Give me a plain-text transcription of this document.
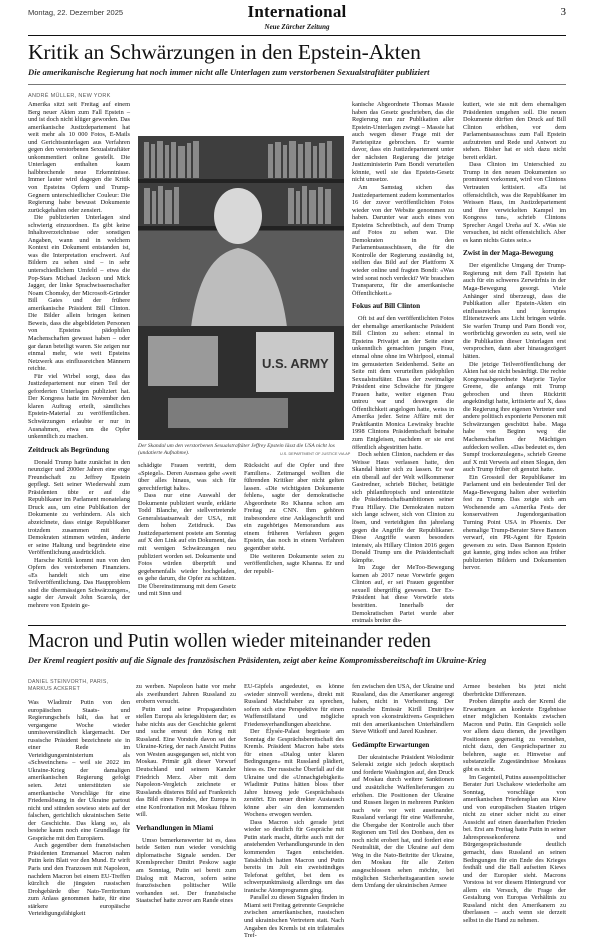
Montag, 22. Dezember 2025	International
Neue Zürcher Zeitung
3
Kritik an Schwärzungen in den Epstein-Akten
Die amerikanische Regierung hat noch immer nicht alle Unterlagen zum verstorbenen Sexualstraftäter publiziert
ANDRÉ MÜLLER, NEW YORK

Amerika sitzt seit Freitag auf einem Berg neuer Akten zum Fall Epstein – und ist doch nicht klüger geworden. Das amerikanische Justizdepartement hat weit mehr als 10 000 Fotos, E-Mails und Gerichtsunterlagen aus Verfahren gegen den verstorbenen Sexualstraftäter unkommentiert online gestellt. Die Unterlagen enthalten kaum halbbrechende neue Erkenntnisse. Immer lauter wird dagegen die Kritik von Epsteins Opfern und Trump-Gegnern unterschiedlicher Couleur: Die Regierung habe bewusst Dokumente zurückgehalten oder zensiert.

Die publizierten Unterlagen sind schwierig einzuordnen. Es gibt keine Inhaltsverzeichnisse oder sonstigen Angaben, wann und in welchem Kontext ein Dokument entstanden ist, was die Interpretation erschwert. Auf Bildern zu sehen sind – in sehr unterschiedlichem Umfeld – etwa die Pop-Stars Michael Jackson und Mick Jagger, der linke Sprachwissenschafter Noam Chomsky, der Microsoft-Gründer Bill Gates und der frühere amerikanische Präsident Bill Clinton. Die Bilder allein bringen keinen Beweis, dass die abgebildeten Personen von Epsteins pädophilen Machenschaften gewusst haben – oder gar daran beteiligt waren. Sie zeigen nur einmal mehr, wie weit Epsteins Netzwerk aus einflussreichen Männern reichte.

Für viel Wirbel sorgt, dass das Justizdepartement nur einen Teil der geforderten Unterlagen publiziert hat. Der Kongress hatte im November den klaren Auftrag erteilt, sämtliches Epstein-Material zu veröffentlichen. Schwärzungen erlaubte er nur in Ausnahmen, etwa um die Opfer unkenntlich zu machen.

Zeitdruck als Begründung

Donald Trump hatte zunächst in den neunziger und 2000er Jahren eine enge Freundschaft zu Jeffrey Epstein gepflegt. Seit seiner Wiederwahl zum Präsidenten übte er auf die Republikaner im Parlament monatelang Druck aus, um eine Publikation der Dokumente zu verhindern. Als sich abzeichnete, dass einige Republikaner trotzdem zusammen mit den Demokraten stimmen würden, änderte er seine Haltung und begründete eine Veröffentlichung ausdrücklich.

Harsche Kritik kommt nun von den Opfern des verstorbenen Finanziers. «Es handelt sich um eine Teilveröffentlichung. Das Haupproblem sind die übermässigen Schwärzungen», sagte der Anwalt John Scarola, der mehrere von Epstein ge-

U.S. ARMY
Der Skandal um den verstorbenen Sexualstraftäter Jeffrey Epstein lässt die USA nicht los (undatierte Aufnahme).	U.S. DEPARTMENT OF JUSTICE VIA AP

schädigte Frauen vertritt, dem «Spiegel». Deren Ausmass gehe «weit über alles hinaus, was sich für gerechtfertigt halte».

Dass nur eine Auswahl der Dokumente publiziert wurde, erklärte Todd Blanche, der stellvertretende Generalstaatsanwalt der USA, mit dem hohen Zeitdruck. Das Justizdepartement postete am Sonntag auf X den Link auf ein Dokument, das mit wenigen Schwärzungen neu publiziert worden sei. Dokumente und Fotos würden überprüft und gegebenenfalls wieder hochgeladen, es gehe darum, die Opfer zu schützen. Die Übereinstimmung mit dem Gesetz und mit Sinn und

Rücksicht auf die Opfer und ihre Familien». Zeitmangel wollten die führenden Kritiker aber nicht gelten lassen. «Die wichtigsten Dokumente fehlen», sagte der demokratische Abgeordnete Ro Khanna schon am Freitag zu CNN. Ihm gehören insbesondere eine Anklageschrift und ein zugehöriges Memorandum aus einem früheren Verfahren gegen Epstein, das noch in einem Verfahren gegenüber steht.

Die weiteren Dokumente seien zu veröffentlichen, sagte Khanna. Er und der republi-

kanische Abgeordnete Thomas Massie haben das Gesetz geschrieben, das die Regierung nun zur Publikation aller Epstein-Unterlagen zwingt – Massie hat auch wegen dieser Frage mit der Parteispitze gebrochen. Er warnte davor, dass ein Justizdepartement unter der nächsten Regierung die jetzige Justizministerin Pam Bondi verurteilen könnte, weil sie das Epstein-Gesetz nicht umsetze.

Am Samstag sichen das Justizdepartement zudem kommentarlos 16 der zuvor veröffentlichten Fotos wieder von der Website genommen zu haben. Darunter war auch eines von Epsteins Schreibtisch, auf dem Trump auf Fotos zu sehen war. Die Demokraten in den Parlamentsausschüssen, die für die Kontrolle der Regierung zuständig ist, stellten das Bild auf der Plattform X wieder online und fragten Bondi: «Was wird sonst noch verdeckt? Wir brauchen Transparenz, für die amerikanische Öffentlichkeit.»

Fokus auf Bill Clinton

Oft ist auf den veröffentlichten Fotos der ehemalige amerikanische Präsident Bill Clinton zu sehen: einmal in Epsteins Privatjet an der Seite einer unkenntlich gemachten jungen Frau, einmal ohne ohne im Whirlpool, einmal im gemusterten Seidenhemd. Seite an Seite mit dem verurteilten pädophilen Sexualstraftäter. Dass der zweimalige Präsident eine Schwäche für jüngere Frauen hatte, weiter eigenen Frau untreu war und deswegen die Öffentlichkeit angelogen hatte, weiss in Amerika jeder. Seine Affäre mit der Praktikantin Monica Lewinsky brachte 1998 Clintons Präsidentschaft beinahe zum Entgleisen, nachdem er sie erst öffentlich abgestritten hatte.

Doch sehien Clinton, nachdem er das Weisse Haus verlassen hatte, den Skandal hinter sich zu lassen. Er war ein überall auf der Welt willkommener Gastredner, schrieb Bücher, betätigte sich philanthropisch und unterstützte die Präsidentschaftsambitionen seiner Frau Hillary. Die Demokraten nutzen sich lange schwer, sich von Clinton zu lösen, und verteidigten ihn jahrelang gegen die Angriffe der Republikaner. Diese Angriffe waren besonders intensiv, als Hillary Clinton 2016 gegen Donald Trump um die Präsidentschaft kämpfte.

Im Zuge der MeToo-Bewegung kamen ab 2017 neue Vorwürfe gegen Clinton auf, er sei Frauen gegenüber sexuell übergriffig gewesen. Der Ex-Präsident hat diese Vorwürfe stets bestritten. Innerhalb der Demokratischen Partei wurde aber erstmals breiter dis-

kutiert, wie sie mit dem ehemaligen Präsidenten umgehen soll. Die neuen Dokumente dürften den Druck auf Bill Clinton erhöhen, vor dem Parlamentsausschuss zum Fall Epstein aufzutreten und Rede und Antwort zu stehen. Bisher hat er sich dazu nicht bereit erklärt.

Dass Clinton im Unterschied zu Trump in den neuen Dokumenten so prominent vorkommt, wird von Clintons Vertrauten kritisiert. «Es ist offensichtlich, was die Republikaner im Weissen Haus, im Justizdepartement und ihre verwickelten Kampel im Kongress tun», schrieb Clintons Sprecher Angel Ureña auf X. «Was sie versuchen, ist nicht offensichtlich. Aber es kann nichts Gutes sein.»

Zwist in der Maga-Bewegung

Der eigentliche Umgang der Trump-Regierung mit dem Fall Epstein hat auch für ein schweres Zerwürfnis in der Maga-Bewegung gesorgt. Viele Anhänger sind überzeugt, dass die Publikation aller Epstein-Akten ein einflussreiches und korruptes Elitenetzwerk ans Licht bringen würde. Sie warfen Trump und Pam Bondi vor, wortbrüchig geworden zu sein, weil sie die Publikation dieser Unterlagen erst versprochen, dann aber hinausgezögert hätten.

Die jetzige Teilveröffentlichung der Akten hat sie nicht besänftigt. Die rechte Kongressabgeordnete Marjorie Taylor Greene, die anfangs mit Trump gebrochen und ihren Rücktritt angekündigt hatte, kritisierte auf X, dass die Regierung ihre eigenen Vertreter und andere politisch exponierte Personen mit Schwärzungen geschützt habe. Maga habe von Beginn weg die Machenschaften der Mächtigen aufdecken wollen. «Das bedeutet es, den Sumpf trockenzulegen», schrieb Greene auf X mit Verweis auf einen Slogan, den auch Trump früher oft genutzt hatte.

Ein Grossteil der Republikaner im Parlament und ein bedeutender Teil der Maga-Bewegung halten aber weiterhin fest zu Trump. Das zeigte sich am Wochenende am «Amerika Fest» der konservativen Jugendorganisation Turning Point USA in Phoenix. Der ehemalige Trump-Berater Steve Bannon verwarf, ein PR-Agent für Epstein gewesen zu sein. Dass Bannon Epstein gut kannte, ging indes schon aus früher publizierten Bildern und Dokumenten hervor.

Macron und Putin wollen wieder miteinander reden
Der Kreml reagiert positiv auf die Signale des französischen Präsidenten, zeigt aber keine Kompromissbereitschaft im Ukraine-Krieg
DANIEL STEINVORTH, PARIS,
MARKUS ACKERET

Was Wladimir Putin von den europäischen Staats- und Regierungschefs hält, das hat er vergangene Woche wieder unmissverständlich klargemacht. Der russische Präsident bezeichnete sie in einer Rede im Verteidigungsministerium als «Schweinchen» – weil sie 2022 im Ukraine-Krieg der damaligen amerikanischen Regierung gefolgt seien. Jetzt unterstützten sie amerikanische Vorschläge für eine Friedenslösung in der Ukraine partout nicht und stünden sowieso stets auf der falschen, gerichtlich ukrainischen Seite der Geschichte. Das klang so, als bestehe kaum noch eine Grundlage für Gespräche mit den Europäern.

Auch gegenüber dem französischen Präsidenten Emmanuel Macron nahm Putin kein Blatt vor den Mund. Er wirft Paris und den Franzosen mit Napoleon, nachdem Macron bei einem EU-Treffen kürzlich die jüngsten russischen Drohgebärde über Nato-Territorium zum Anlass genommen hatte, für eine stärkere europäische Verteidigungsfähigkeit

zu werben. Napoleon hatte vor mehr als zweihundert Jahren Russland zu erobern versucht.

Putin und seine Propagandisten stellen Europa als kriegslüstern dar; es habe nichts aus der Geschichte gelernt und suche erneut den Krieg mit Russland. Eine Vorstufe davon sei der Ukraine-Krieg, der nach Ansicht Putins von Westen ausgegangen sei, nicht von Moskau. Primär gilt dieser Vorwurf Deutschland und seinem Kanzler Friedrich Merz. Aber mit dem Napoleon-Vergleich zeichnete er Russlands düsteres Bild auf Frankreich das Bild eines Feindes, der Europa in eine Konfrontation mit Moskau führen will.

Verhandlungen in Miami

Umso bemerkenswerter ist es, dass beide Seiten nun wieder vorsichtig diplomatische Signale senden. Der Kremlsprecher Dmitri Peskow sagte am Sonntag, Putin sei bereit zum Dialog mit Macron, sofern seine französischen politischer Wille vorhanden sei. Der französische Staatschef hatte zuvor am Rande eines

EU-Gipfels angedeutet, es könne «wieder sinnvoll werden», direkt mit Russland Machthaber zu sprechen, sofern sich eine Perspektive für einen Waffenstillstand und mögliche Friedensverhandlungen abzeichne.

Der Élysée-Palast begrüsste am Sonntag die Gesprächsbereitschaft des Kremls. Präsident Macron habe stets für einen «Dialog unter klaren Bedingungen» mit Russland plädiert, hiess es. Der russische Überfall auf die Ukraine und die «Unnachgiebigkeit» Wladimir Putins hätten bloss über Jahre hinweg jede Gesprächsbasis zerstört. Ein neuer direkter Austausch könne aber «in den kommenden Wochen» erwogen werden.

Dass Macron sich gerade jetzt wieder so deutlich für Gespräche mit Putin stark macht, dürfte auch mit der anstehenden Verhandlungsrunde in den kommenden Tagen entscheiden. Tatsächlich hatten Macron und Putin bereits im Juli ein zweistündiges Telefonat geführt, bei dem es schwerpunktmässig allerdings um das iranische Atomprogramm ging.

Parallel zu diesen Signalen finden in Miami seit Freitag getrennte Gespräche zwischen amerikanischen, russischen und ukrainischen Vertretern statt. Nach Angaben des Kremls ist ein trilaterales Tref-

fen zwischen den USA, der Ukraine und Russland, das die Amerikaner angeregt haben, nicht in Vorbereitung. Der russische Emissär Kirill Dmitrijew sprach von «konstruktiven» Gesprächen mit den amerikanischen Unterhändlern Steve Witkoff und Jared Kushner.

Gedämpfte Erwartungen

Der ukrainische Präsident Wolodimir Selenski zeigte sich jedoch skeptisch und forderte Washington auf, den Druck auf Moskau durch weitere Sanktionen und zusätzliche Waffenlieferungen zu erhöhen. Die Positionen der Ukraine und Russen liegen in mehreren Punkten nach wie vor weit auseinander. Russland verlangt für eine Waffenruhe, die Übergabe der Kontrolle auch über Regionen um Teil des Donbass, den es noch nicht erobert hat, und fordert eine Neutralität, der die Ukraine auf dem Weg in die Nato-Beitritte der Ukraine, den Moskau für alle Zeiten ausgeschlossen sehen möchte, bei möglichen Sicherheitsgarantien sowie dem Umfang der ukrainischen Armee

Armee bestehen bis jetzt nicht überbrückte Differenzen.

Proben dämpfte auch der Kreml die Erwartungen an konkrete Ergebnisse einer möglichen Kontakts zwischen Macron und Putin. Ein Gespräch solle vor allem dazu dienen, die jeweiligen Positionen gegenseitig zu verstehen, nicht dazu, den Gesprächspartner zu belehren, sagte er. Hinweise auf substanzielle Zugeständnisse Moskaus gibt es nicht.

Im Gegenteil, Putins aussenpolitischer Berater Juri Uschakow wiederholte am Sonntag, vorschläge von amerikanischen Friedensplan aus Kiew und von europäischen Staaten trügen nicht zu einer sicher nicht zu einer Aussicht auf einen dauerhaften Frieden bei. Erst am Freitag hatte Putin in seiner Jahrespressekonferenz und Bürgergesprächsstunde deutlich gemacht, dass Russland an seinen Bedingungen für ein Ende des Krieges festhält und die Ball aufseiten Kiews und der Europäer sieht. Macrons Vorstoss ist vor diesem Hintergrund vor allem ein Versuch, die Frage der Gestaltung von Europas Verhältnis zu Russland nicht den Amerikanern zu überlassen – auch wenn sie derzeit selbst in die Hand zu nehmen.
